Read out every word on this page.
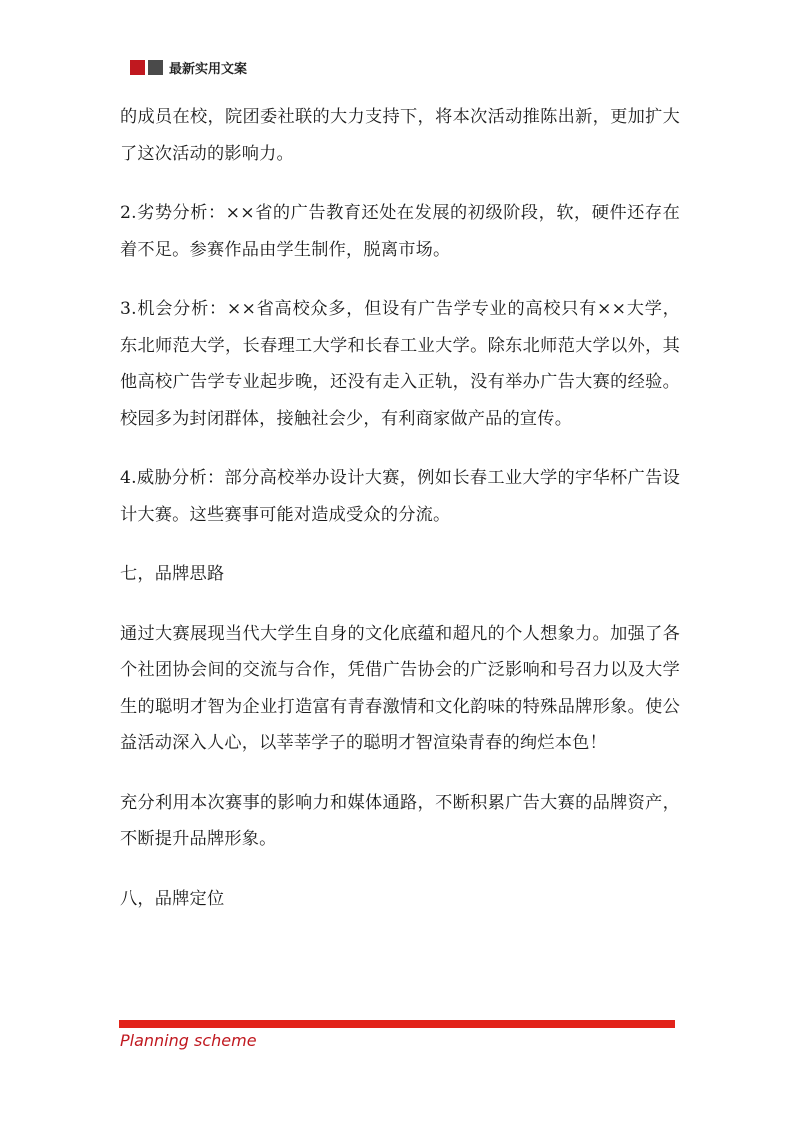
最新实用文案

的成员在校，院团委社联的大力支持下，将本次活动推陈出新，更加扩大了这次活动的影响力。

2.劣势分析：××省的广告教育还处在发展的初级阶段，软，硬件还存在着不足。参赛作品由学生制作，脱离市场。

3.机会分析：××省高校众多，但设有广告学专业的高校只有××大学，东北师范大学，长春理工大学和长春工业大学。除东北师范大学以外，其他高校广告学专业起步晚，还没有走入正轨，没有举办广告大赛的经验。校园多为封闭群体，接触社会少，有利商家做产品的宣传。

4.威胁分析：部分高校举办设计大赛，例如长春工业大学的宇华杯广告设计大赛。这些赛事可能对造成受众的分流。

七，品牌思路

通过大赛展现当代大学生自身的文化底蕴和超凡的个人想象力。加强了各个社团协会间的交流与合作，凭借广告协会的广泛影响和号召力以及大学生的聪明才智为企业打造富有青春激情和文化韵味的特殊品牌形象。使公益活动深入人心，以莘莘学子的聪明才智渲染青春的绚烂本色！

充分利用本次赛事的影响力和媒体通路，不断积累广告大赛的品牌资产，不断提升品牌形象。

八，品牌定位

Planning scheme
